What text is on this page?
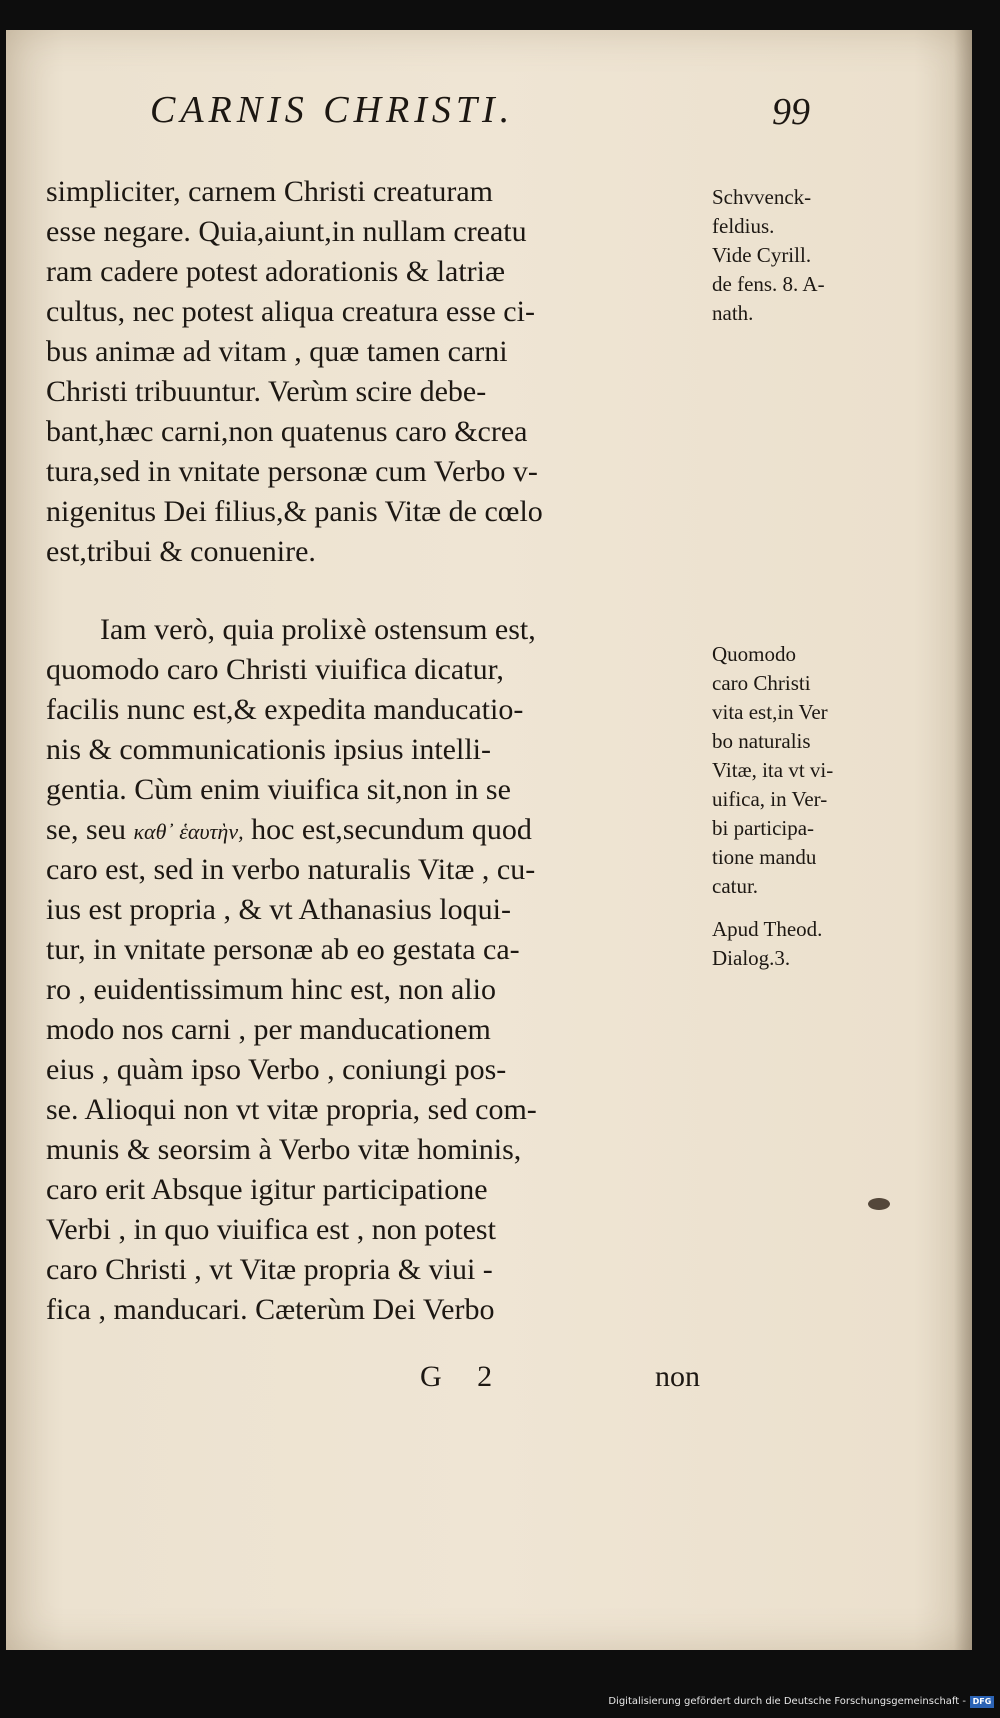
CARNIS CHRISTI.	99
simpliciter, carnem Christi creaturam
esse negare. Quia,aiunt,in nullam creatu
ram cadere potest adorationis & latriæ
cultus, nec potest aliqua creatura esse ci-
bus animæ ad vitam , quæ tamen carni
Christi tribuuntur. Verùm scire debe-
bant,hæc carni,non quatenus caro &crea
tura,sed in vnitate personæ cum Verbo v-
nigenitus Dei filius,& panis Vitæ de cœlo
est,tribui & conuenire.
Iam verò, quia prolixè ostensum est,
quomodo caro Christi viuifica dicatur,
facilis nunc est,& expedita manducatio-
nis & communicationis ipsius intelli-
gentia. Cùm enim viuifica sit,non in se
se, seu καθ᾽ ἑαυτὴν, hoc est,secundum quod
caro est, sed in verbo naturalis Vitæ , cu-
ius est propria , & vt Athanasius loqui-
tur, in vnitate personæ ab eo gestata ca-
ro , euidentissimum hinc est, non alio
modo nos carni , per manducationem
eius , quàm ipso Verbo , coniungi pos-
se. Alioqui non vt vitæ propria, sed com-
munis & seorsim à Verbo vitæ hominis,
caro erit Absque igitur participatione
Verbi , in quo viuifica est , non potest
caro Christi , vt Vitæ propria & viui -
fica , manducari. Cæterùm Dei Verbo
Schvvenck-
feldius.
Vide Cyrill.
de fens. 8. A-
nath.
Quomodo
caro Christi
vita est,in Ver
bo naturalis
Vitæ, ita vt vi-
uifica, in Ver-
bi participa-
tione mandu
catur.
Apud Theod.
Dialog.3.
G 2	non
Digitalisierung gefördert durch die Deutsche Forschungsgemeinschaft - DFG
